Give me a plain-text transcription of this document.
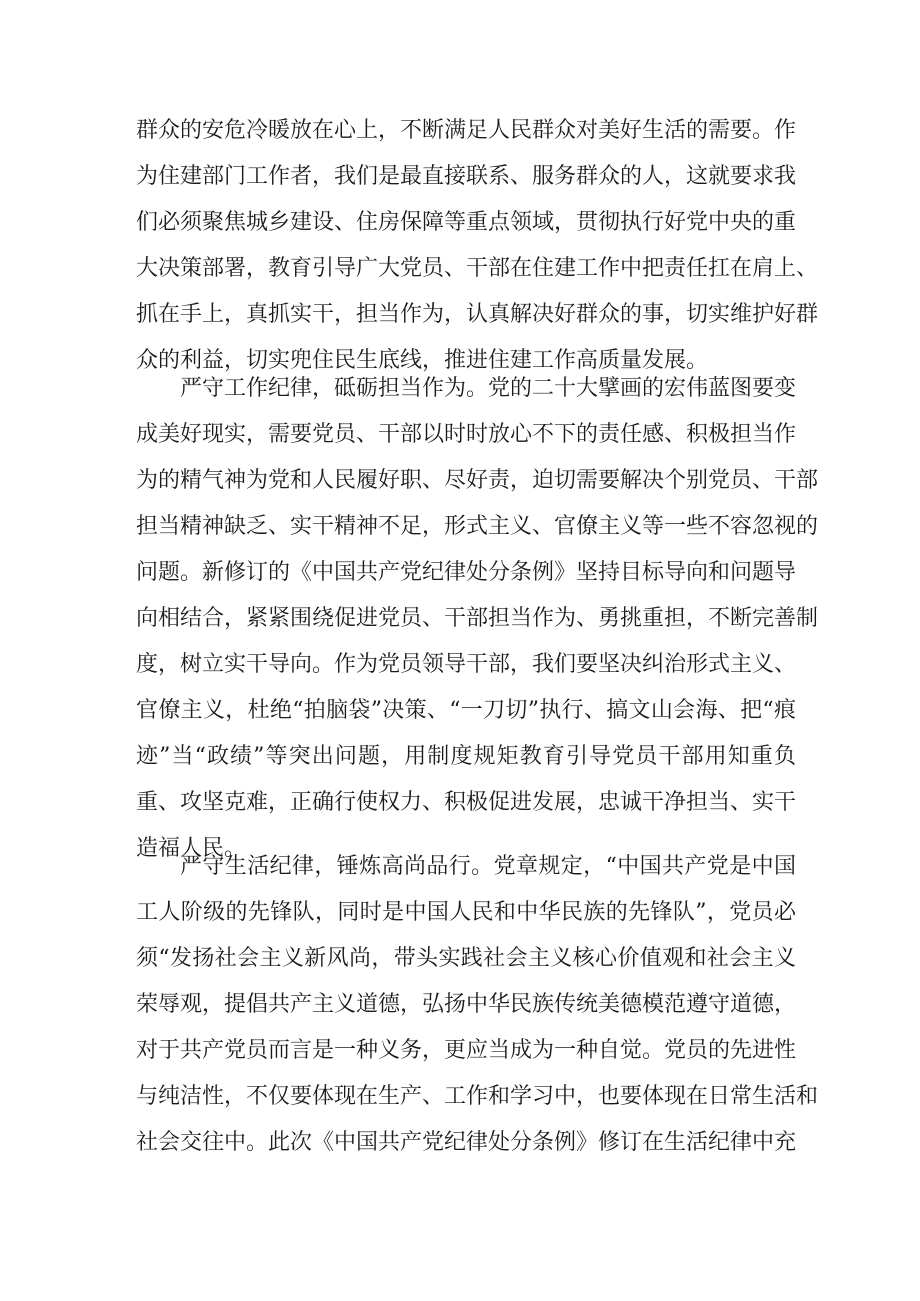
群众的安危冷暖放在心上，不断满足人民群众对美好生活的需要。作
为住建部门工作者，我们是最直接联系、服务群众的人，这就要求我
们必须聚焦城乡建设、住房保障等重点领域，贯彻执行好党中央的重
大决策部署，教育引导广大党员、干部在住建工作中把责任扛在肩上、
抓在手上，真抓实干，担当作为，认真解决好群众的事，切实维护好群
众的利益，切实兜住民生底线，推进住建工作高质量发展。
严守工作纪律，砥砺担当作为。党的二十大擘画的宏伟蓝图要变
成美好现实，需要党员、干部以时时放心不下的责任感、积极担当作
为的精气神为党和人民履好职、尽好责，迫切需要解决个别党员、干部
担当精神缺乏、实干精神不足，形式主义、官僚主义等一些不容忽视的
问题。新修订的《中国共产党纪律处分条例》坚持目标导向和问题导
向相结合，紧紧围绕促进党员、干部担当作为、勇挑重担，不断完善制
度，树立实干导向。作为党员领导干部，我们要坚决纠治形式主义、
官僚主义，杜绝“拍脑袋”决策、“一刀切”执行、搞文山会海、把“痕
迹”当“政绩”等突出问题，用制度规矩教育引导党员干部用知重负
重、攻坚克难，正确行使权力、积极促进发展，忠诚干净担当、实干
造福人民。
严守生活纪律，锤炼高尚品行。党章规定，“中国共产党是中国
工人阶级的先锋队，同时是中国人民和中华民族的先锋队”，党员必
须“发扬社会主义新风尚，带头实践社会主义核心价值观和社会主义
荣辱观，提倡共产主义道德，弘扬中华民族传统美德模范遵守道德，
对于共产党员而言是一种义务，更应当成为一种自觉。党员的先进性
与纯洁性，不仅要体现在生产、工作和学习中，也要体现在日常生活和
社会交往中。此次《中国共产党纪律处分条例》修订在生活纪律中充
